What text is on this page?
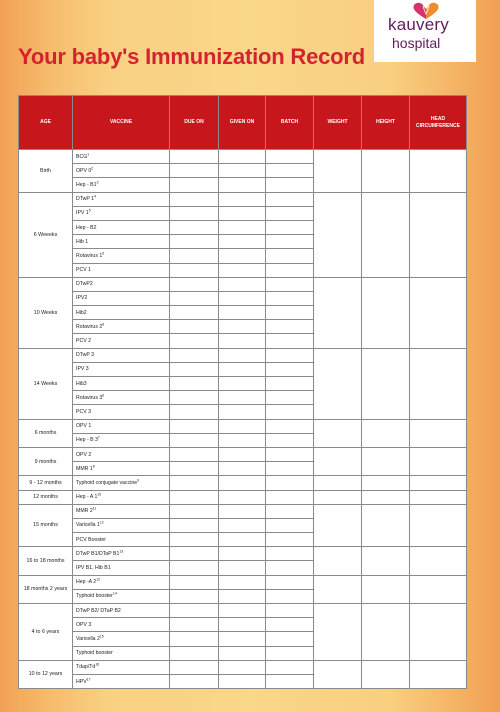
kauvery
hospital
Your baby's Immunization Record
AGE	VACCINE	DUE ON	GIVEN ON	BATCH	WEIGHT	HEIGHT	HEAD CIRCUMFERENCE
Birth	BCG$^1$						
	OPV $0^2$			
	Hep - $B1^3$			
6 Weeeks	DTwP $1^4$						
	IPV $1^5$			
	Hep - B2						
	Hib 1						
	Rotavirus $1^6$			
	PCV 1						
10 Weeks	DTwP2						
	IPV2						
	Hib2						
	Rotavirus $2^6$			
	PCV 2						
14 Weeks	DTwP 3						
	IPV 3						
	Hib3						
	Rotavirus $3^6$			
	PCV 3						
6 months	OPV 1						
	Hep - B $3^7$			
9 months	OPV 2						
	MMR $1^8$			
9 - 12 months	Typhoid conjugate vaccine$^9$						
12 months	Hep - A $1^{10}$						
15 months	MMR $2^{11}$						
	Varicella $1^{12}$			
	PCV Booster						
16 to 18 months	DTwP B1/DTaP $B1^{13}$						
	IPV B1, Hib B1						
18 months 2 years	Hep -A $2^{12}$						
	Typhoid booster$^{14}$			
4 to 6 years	DTwP B2/ DTaP B2						
	OPV 3						
	Varicella $2^{15}$			
	Typhoid booster						
10 to 12 years	Tdap/Td$^{16}$						
	HPV$^{17}$			
